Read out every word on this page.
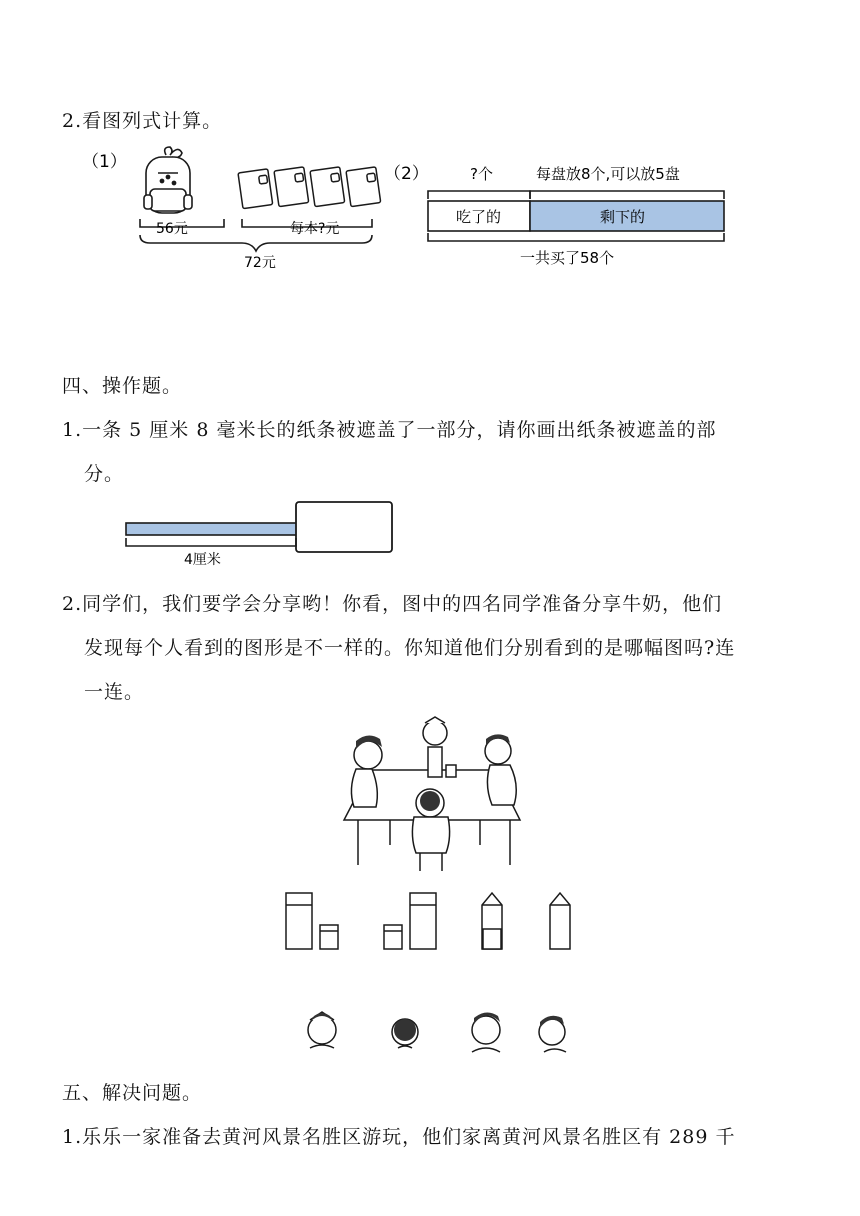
2.看图列式计算。
（1）
56元	每本?元
72元
（2）	?个	每盘放8个,可以放5盘
吃了的	剩下的
一共买了58个
四、操作题。
1.一条 5 厘米 8 毫米长的纸条被遮盖了一部分，请你画出纸条被遮盖的部
分。
4厘米
2.同学们，我们要学会分享哟！你看，图中的四名同学准备分享牛奶，他们
发现每个人看到的图形是不一样的。你知道他们分别看到的是哪幅图吗?连
一连。
五、解决问题。
1.乐乐一家准备去黄河风景名胜区游玩，他们家离黄河风景名胜区有 289 千
